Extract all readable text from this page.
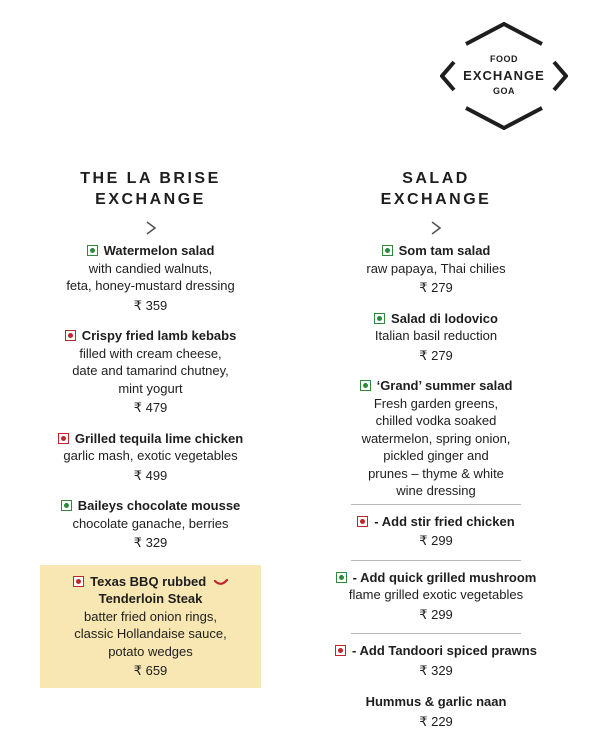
FOOD
EXCHANGE
GOA
THE LA BRISE
EXCHANGE
Watermelon salad
with candied walnuts,
feta, honey-mustard dressing
₹ 359
Crispy fried lamb kebabs
filled with cream cheese,
date and tamarind chutney,
mint yogurt
₹ 479
Grilled tequila lime chicken
garlic mash, exotic vegetables
₹ 499
Baileys chocolate mousse
chocolate ganache, berries
₹ 329
Texas BBQ rubbed
Tenderloin Steak
batter fried onion rings,
classic Hollandaise sauce,
potato wedges
₹ 659
SALAD
EXCHANGE
Som tam salad
raw papaya, Thai chilies
₹ 279
Salad di lodovico
Italian basil reduction
₹ 279
‘Grand’ summer salad
Fresh garden greens,
chilled vodka soaked
watermelon, spring onion,
pickled ginger and
prunes – thyme & white
wine dressing
- Add stir fried chicken
₹ 299
- Add quick grilled mushroom
flame grilled exotic vegetables
₹ 299
- Add Tandoori spiced prawns
₹ 329
Hummus & garlic naan
₹ 229
